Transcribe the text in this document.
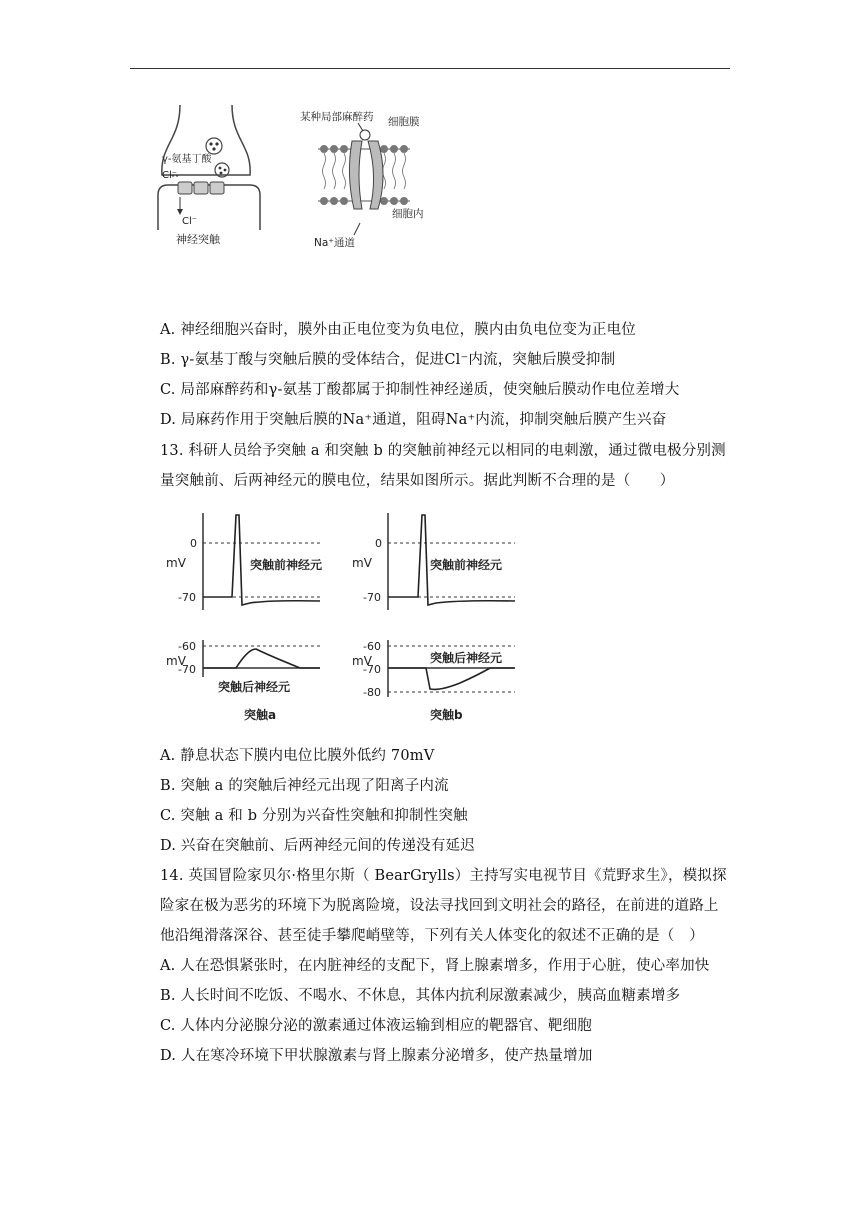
γ-氨基丁酸
Cl⁻
Cl⁻
神经突触
某种局部麻醉药 细胞膜
细胞内
Na⁺通道
A. 神经细胞兴奋时，膜外由正电位变为负电位，膜内由负电位变为正电位
B. γ-氨基丁酸与突触后膜的受体结合，促进Cl⁻内流，突触后膜受抑制
C. 局部麻醉药和γ-氨基丁酸都属于抑制性神经递质，使突触后膜动作电位差增大
D. 局麻药作用于突触后膜的Na⁺通道，阻碍Na⁺内流，抑制突触后膜产生兴奋
13. 科研人员给予突触 a 和突触 b 的突触前神经元以相同的电刺激，通过微电极分别测
量突触前、后两神经元的膜电位，结果如图所示。据此判断不合理的是（　　）
mV
0
-70
突触前神经元 mV
0
-70
突触前神经元
mV
-60
-70
突触后神经元
突触a
mV
-60
-70
-80
突触后神经元
突触b
A. 静息状态下膜内电位比膜外低约 70mV
B. 突触 a 的突触后神经元出现了阳离子内流
C. 突触 a 和 b 分别为兴奋性突触和抑制性突触
D. 兴奋在突触前、后两神经元间的传递没有延迟
14. 英国冒险家贝尔·格里尔斯（ BearGrylls）主持写实电视节目《荒野求生》，模拟探
险家在极为恶劣的环境下为脱离险境，设法寻找回到文明社会的路径，在前进的道路上
他沿绳滑落深谷、甚至徒手攀爬峭壁等，下列有关人体变化的叙述不正确的是（　）
A. 人在恐惧紧张时，在内脏神经的支配下，肾上腺素增多，作用于心脏，使心率加快
B. 人长时间不吃饭、不喝水、不休息，其体内抗利尿激素减少，胰高血糖素增多
C. 人体内分泌腺分泌的激素通过体液运输到相应的靶器官、靶细胞
D. 人在寒冷环境下甲状腺激素与肾上腺素分泌增多，使产热量增加
